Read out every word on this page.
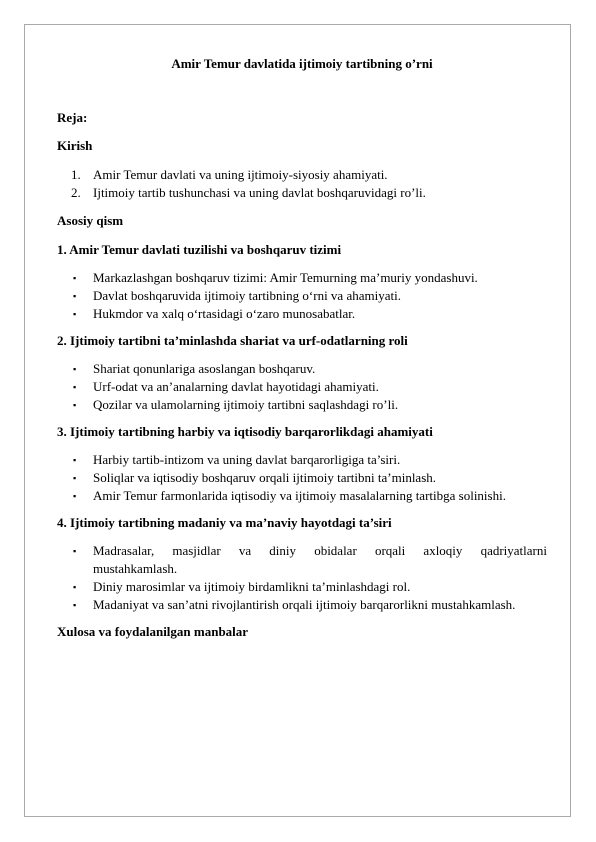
Amir Temur davlatida ijtimoiy tartibning o’rni

Reja:

Kirish

1. Amir Temur davlati va uning ijtimoiy-siyosiy ahamiyati.
2. Ijtimoiy tartib tushunchasi va uning davlat boshqaruvidagi ro’li.

Asosiy qism

1. Amir Temur davlati tuzilishi va boshqaruv tizimi

▪ Markazlashgan boshqaruv tizimi: Amir Temurning ma’muriy yondashuvi.
▪ Davlat boshqaruvida ijtimoiy tartibning o‘rni va ahamiyati.
▪ Hukmdor va xalq o‘rtasidagi o‘zaro munosabatlar.

2. Ijtimoiy tartibni ta’minlashda shariat va urf-odatlarning roli

▪ Shariat qonunlariga asoslangan boshqaruv.
▪ Urf-odat va an’analarning davlat hayotidagi ahamiyati.
▪ Qozilar va ulamolarning ijtimoiy tartibni saqlashdagi ro’li.

3. Ijtimoiy tartibning harbiy va iqtisodiy barqarorlikdagi ahamiyati

▪ Harbiy tartib-intizom va uning davlat barqarorligiga ta’siri.
▪ Soliqlar va iqtisodiy boshqaruv orqali ijtimoiy tartibni ta’minlash.
▪ Amir Temur farmonlarida iqtisodiy va ijtimoiy masalalarning tartibga solinishi.

4. Ijtimoiy tartibning madaniy va ma’naviy hayotdagi ta’siri

▪ Madrasalar, masjidlar va diniy obidalar orqali axloqiy qadriyatlarni
mustahkamlash.
▪ Diniy marosimlar va ijtimoiy birdamlikni ta’minlashdagi rol.
▪ Madaniyat va san’atni rivojlantirish orqali ijtimoiy barqarorlikni mustahkamlash.

Xulosa va foydalanilgan manbalar
